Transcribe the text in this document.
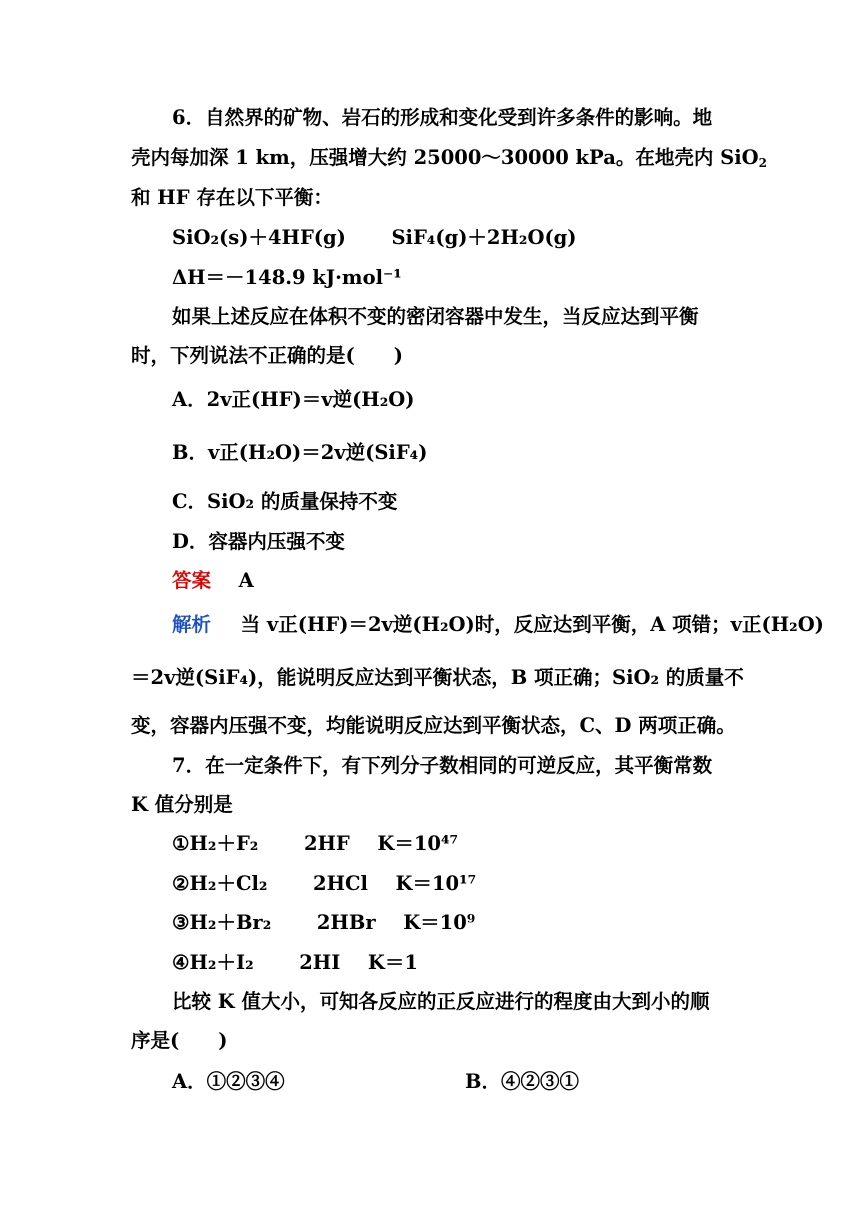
6．自然界的矿物、岩石的形成和变化受到许多条件的影响。地
壳内每加深 1 km，压强增大约 25000～30000 kPa。在地壳内 SiO$_2$
和 HF 存在以下平衡：
SiO₂(s)＋4HF(g) SiF₄(g)＋2H₂O(g)
ΔH＝－148.9 kJ·mol⁻¹
如果上述反应在体积不变的密闭容器中发生，当反应达到平衡
时，下列说法不正确的是(　　)
A．2v正(HF)＝v逆(H₂O)
B．v正(H₂O)＝2v逆(SiF₄)
C．SiO₂ 的质量保持不变
D．容器内压强不变
答案 A
解析 当 v正(HF)＝2v逆(H₂O)时，反应达到平衡，A 项错；v正(H₂O)
＝2v逆(SiF₄)，能说明反应达到平衡状态，B 项正确；SiO₂ 的质量不
变，容器内压强不变，均能说明反应达到平衡状态，C、D 两项正确。
7．在一定条件下，有下列分子数相同的可逆反应，其平衡常数
K 值分别是
①H₂＋F₂ 2HF K＝10⁴⁷
②H₂＋Cl₂ 2HCl K＝10¹⁷
③H₂＋Br₂ 2HBr K＝10⁹
④H₂＋I₂ 2HI K＝1
比较 K 值大小，可知各反应的正反应进行的程度由大到小的顺
序是(　　)
A．①②③④	B．④②③①
